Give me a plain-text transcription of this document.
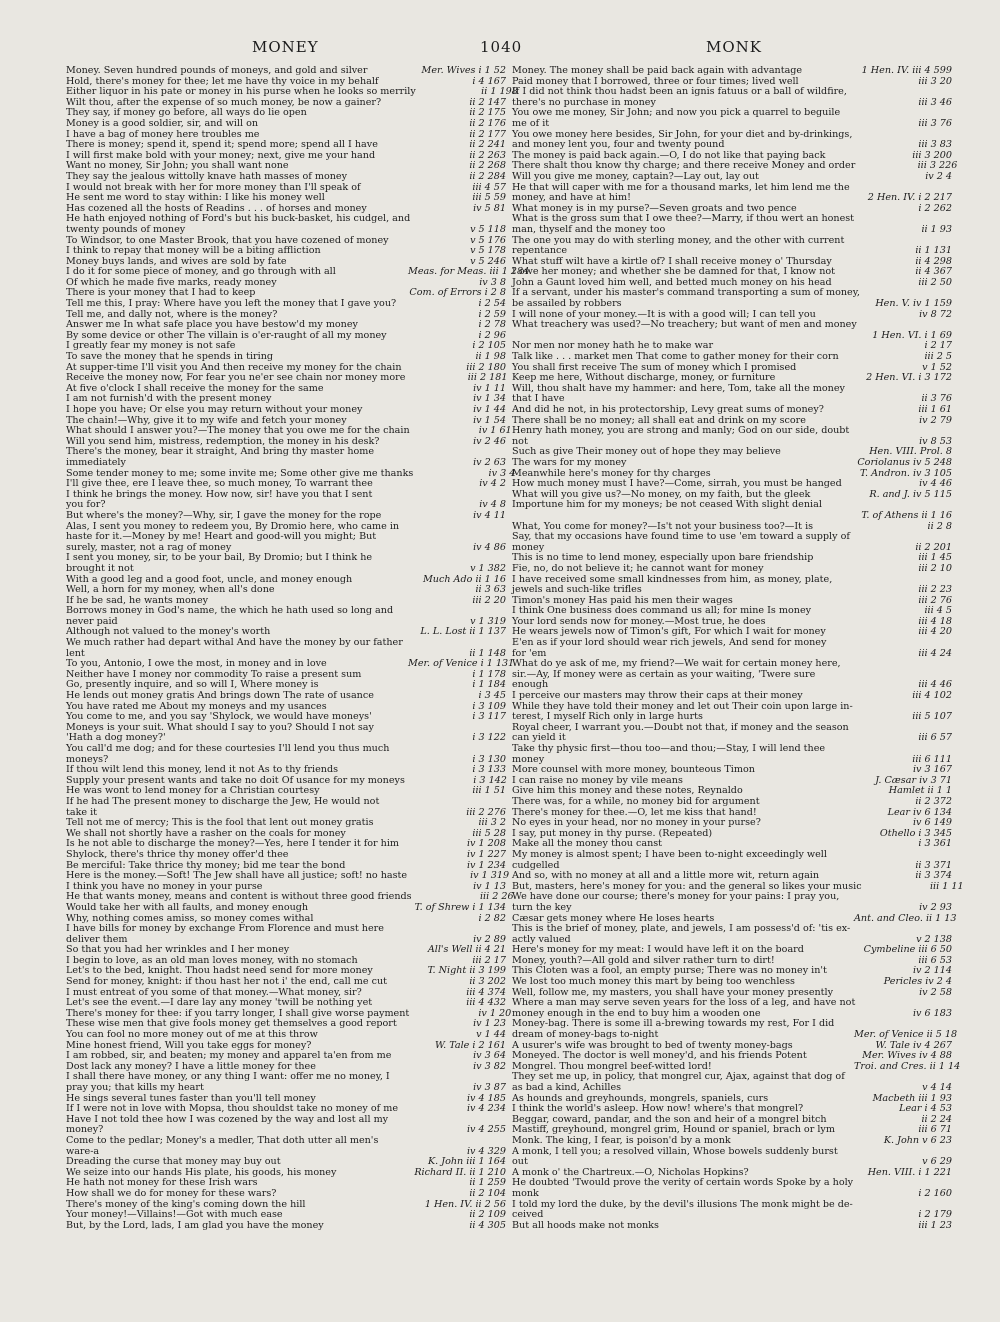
MONEY	1040	MONK
Money. Seven hundred pounds of moneys, and gold and silver	Mer. Wives i 1 52
Hold, there's money for thee; let me have thy voice in my behalf	i 4 167
Either liquor in his pate or money in his purse when he looks so merrily	ii 1 198
Wilt thou, after the expense of so much money, be now a gainer?	ii 2 147
They say, if money go before, all ways do lie open	ii 2 175
Money is a good soldier, sir, and will on	ii 2 176
I have a bag of money here troubles me	ii 2 177
There is money; spend it, spend it; spend more; spend all I have	ii 2 241
I will first make bold with your money; next, give me your hand	ii 2 263
Want no money, Sir John; you shall want none	ii 2 268
They say the jealous wittolly knave hath masses of money	ii 2 284
I would not break with her for more money than I'll speak of	iii 4 57
He sent me word to stay within: I like his money well	iii 5 59
Has cozened all the hosts of Readins . . . of horses and money	iv 5 81
He hath enjoyed nothing of Ford's but his buck-basket, his cudgel, and
twenty pounds of money	v 5 118
To Windsor, to one Master Brook, that you have cozened of money	v 5 176
I think to repay that money will be a biting affliction	v 5 178
Money buys lands, and wives are sold by fate	v 5 246
I do it for some piece of money, and go through with all	Meas. for Meas. iii 1 284
Of which he made five marks, ready money	iv 3 8
There is your money that I had to keep	Com. of Errors i 2 8
Tell me this, I pray: Where have you left the money that I gave you?	i 2 54
Tell me, and dally not, where is the money?	i 2 59
Answer me In what safe place you have bestow'd my money	i 2 78
By some device or other The villain is o'er-raught of all my money	i 2 96
I greatly fear my money is not safe	i 2 105
To save the money that he spends in tiring	ii 1 98
At supper-time I'll visit you And then receive my money for the chain	iii 2 180
Receive the money now, For fear you ne'er see chain nor money more	iii 2 181
At five o'clock I shall receive the money for the same	iv 1 11
I am not furnish'd with the present money	iv 1 34
I hope you have; Or else you may return without your money	iv 1 44
The chain!—Why, give it to my wife and fetch your money	iv 1 54
What should I answer you?—The money that you owe me for the chain	iv 1 61
Will you send him, mistress, redemption, the money in his desk?	iv 2 46
There's the money, bear it straight, And bring thy master home
immediately	iv 2 63
Some tender money to me; some invite me; Some other give me thanks	iv 3 4
I'll give thee, ere I leave thee, so much money, To warrant thee	iv 4 2
I think he brings the money. How now, sir! have you that I sent
you for?	iv 4 8
But where's the money?—Why, sir, I gave the money for the rope	iv 4 11
Alas, I sent you money to redeem you, By Dromio here, who came in
haste for it.—Money by me! Heart and good-will you might; But
surely, master, not a rag of money	iv 4 86
I sent you money, sir, to be your bail, By Dromio; but I think he
brought it not	v 1 382
With a good leg and a good foot, uncle, and money enough	Much Ado ii 1 16
Well, a horn for my money, when all's done	ii 3 63
If he be sad, he wants money	iii 2 20
Borrows money in God's name, the which he hath used so long and
never paid	v 1 319
Although not valued to the money's worth	L. L. Lost ii 1 137
We much rather had depart withal And have the money by our father
lent	ii 1 148
To you, Antonio, I owe the most, in money and in love	Mer. of Venice i 1 131
Neither have I money nor commodity To raise a present sum	i 1 178
Go, presently inquire, and so will I, Where money is	i 1 184
He lends out money gratis And brings down The rate of usance	i 3 45
You have rated me About my moneys and my usances	i 3 109
You come to me, and you say 'Shylock, we would have moneys'	i 3 117
Moneys is your suit. What should I say to you? Should I not say
'Hath a dog money?'	i 3 122
You call'd me dog; and for these courtesies I'll lend you thus much
moneys?	i 3 130
If thou wilt lend this money, lend it not As to thy friends	i 3 133
Supply your present wants and take no doit Of usance for my moneys	i 3 142
He was wont to lend money for a Christian courtesy	iii 1 51
If he had The present money to discharge the Jew, He would not
take it	iii 2 276
Tell not me of mercy; This is the fool that lent out money gratis	iii 3 2
We shall not shortly have a rasher on the coals for money	iii 5 28
Is he not able to discharge the money?—Yes, here I tender it for him	iv 1 208
Shylock, there's thrice thy money offer'd thee	iv 1 227
Be merciful: Take thrice thy money; bid me tear the bond	iv 1 234
Here is the money.—Soft! The Jew shall have all justice; soft! no haste	iv 1 319
I think you have no money in your purse	iv 1 13
He that wants money, means and content is without three good friends	iii 2 26
Would take her with all faults, and money enough	T. of Shrew i 1 134
Why, nothing comes amiss, so money comes withal	i 2 82
I have bills for money by exchange From Florence and must here
deliver them	iv 2 89
So that you had her wrinkles and I her money	All's Well ii 4 21
I begin to love, as an old man loves money, with no stomach	iii 2 17
Let's to the bed, knight. Thou hadst need send for more money	T. Night ii 3 199
Send for money, knight: if thou hast her not i' the end, call me cut	ii 3 202
I must entreat of you some of that money.—What money, sir?	iii 4 374
Let's see the event.—I dare lay any money 'twill be nothing yet	iii 4 432
There's money for thee: if you tarry longer, I shall give worse payment	iv 1 20
These wise men that give fools money get themselves a good report	iv 1 23
You can fool no more money out of me at this throw	v 1 44
Mine honest friend, Will you take eggs for money?	W. Tale i 2 161
I am robbed, sir, and beaten; my money and apparel ta'en from me	iv 3 64
Dost lack any money? I have a little money for thee	iv 3 82
I shall there have money, or any thing I want: offer me no money, I
pray you; that kills my heart	iv 3 87
He sings several tunes faster than you'll tell money	iv 4 185
If I were not in love with Mopsa, thou shouldst take no money of me	iv 4 234
Have I not told thee how I was cozened by the way and lost all my
money?	iv 4 255
Come to the pedlar; Money's a medler, That doth utter all men's
ware-a	iv 4 329
Dreading the curse that money may buy out	K. John iii 1 164
We seize into our hands His plate, his goods, his money	Richard II. ii 1 210
He hath not money for these Irish wars	ii 1 259
How shall we do for money for these wars?	ii 2 104
There's money of the king's coming down the hill	1 Hen. IV. ii 2 56
Your money!—Villains!—Got with much ease	ii 2 109
But, by the Lord, lads, I am glad you have the money	ii 4 305
Money. The money shall be paid back again with advantage	1 Hen. IV. iii 4 599
Paid money that I borrowed, three or four times; lived well	iii 3 20
If I did not think thou hadst been an ignis fatuus or a ball of wildfire,
there's no purchase in money	iii 3 46
You owe me money, Sir John; and now you pick a quarrel to beguile
me of it	iii 3 76
You owe money here besides, Sir John, for your diet and by-drinkings,
and money lent you, four and twenty pound	iii 3 83
The money is paid back again.—O, I do not like that paying back	iii 3 200
There shalt thou know thy charge; and there receive Money and order	iii 3 226
Will you give me money, captain?—Lay out, lay out	iv 2 4
He that will caper with me for a thousand marks, let him lend me the
money, and have at him!	2 Hen. IV. i 2 217
What money is in my purse?—Seven groats and two pence	i 2 262
What is the gross sum that I owe thee?—Marry, if thou wert an honest
man, thyself and the money too	ii 1 93
The one you may do with sterling money, and the other with current
repentance	ii 1 131
What stuff wilt have a kirtle of? I shall receive money o' Thursday	ii 4 298
I owe her money; and whether she be damned for that, I know not	ii 4 367
John a Gaunt loved him well, and betted much money on his head	iii 2 50
If a servant, under his master's command transporting a sum of money,
be assailed by robbers	Hen. V. iv 1 159
I will none of your money.—It is with a good will; I can tell you	iv 8 72
What treachery was used?—No treachery; but want of men and money
1 Hen. VI. i 1 69
Nor men nor money hath he to make war	i 2 17
Talk like . . . market men That come to gather money for their corn	iii 2 5
You shall first receive The sum of money which I promised	v 1 52
Keep me here, Without discharge, money, or furniture	2 Hen. VI. i 3 172
Will, thou shalt have my hammer: and here, Tom, take all the money
that I have	ii 3 76
And did he not, in his protectorship, Levy great sums of money?	iii 1 61
There shall be no money; all shall eat and drink on my score	iv 2 79
Henry hath money, you are strong and manly; God on our side, doubt
not	iv 8 53
Such as give Their money out of hope they may believe	Hen. VIII. Prol. 8
The wars for my money	Coriolanus iv 5 248
Meanwhile here's money for thy charges	T. Andron. iv 3 105
How much money must I have?—Come, sirrah, you must be hanged	iv 4 46
What will you give us?—No money, on my faith, but the gleek	R. and J. iv 5 115
Importune him for my moneys; be not ceased With slight denial
T. of Athens ii 1 16
What, You come for money?—Is't not your business too?—It is	ii 2 8
Say, that my occasions have found time to use 'em toward a supply of
money	ii 2 201
This is no time to lend money, especially upon bare friendship	iii 1 45
Fie, no, do not believe it; he cannot want for money	iii 2 10
I have received some small kindnesses from him, as money, plate,
jewels and such-like trifles	iii 2 23
Timon's money Has paid his men their wages	iii 2 76
I think One business does command us all; for mine Is money	iii 4 5
Your lord sends now for money.—Most true, he does	iii 4 18
He wears jewels now of Timon's gift, For which I wait for money	iii 4 20
E'en as if your lord should wear rich jewels, And send for money
for 'em	iii 4 24
What do ye ask of me, my friend?—We wait for certain money here,
sir.—Ay, If money were as certain as your waiting, 'Twere sure
enough	iii 4 46
I perceive our masters may throw their caps at their money	iii 4 102
While they have told their money and let out Their coin upon large in-
terest, I myself Rich only in large hurts	iii 5 107
Royal cheer, I warrant you.—Doubt not that, if money and the season
can yield it	iii 6 57
Take thy physic first—thou too—and thou;—Stay, I will lend thee
money	iii 6 111
More counsel with more money, bounteous Timon	iv 3 167
I can raise no money by vile means	J. Cæsar iv 3 71
Give him this money and these notes, Reynaldo	Hamlet ii 1 1
There was, for a while, no money bid for argument	ii 2 372
There's money for thee.—O, let me kiss that hand!	Lear iv 6 134
No eyes in your head, nor no money in your purse?	iv 6 149
I say, put money in thy purse. (Repeated)	Othello i 3 345
Make all the money thou canst	i 3 361
My money is almost spent; I have been to-night exceedingly well
cudgelled	ii 3 371
And so, with no money at all and a little more wit, return again	ii 3 374
But, masters, here's money for you: and the general so likes your music	iii 1 11
We have done our course; there's money for your pains: I pray you,
turn the key	iv 2 93
Cæsar gets money where He loses hearts	Ant. and Cleo. ii 1 13
This is the brief of money, plate, and jewels, I am possess'd of: 'tis ex-
actly valued	v 2 138
Here's money for my meat: I would have left it on the board	Cymbeline iii 6 50
Money, youth?—All gold and silver rather turn to dirt!	iii 6 53
This Cloten was a fool, an empty purse; There was no money in't	iv 2 114
We lost too much money this mart by being too wenchless	Pericles iv 2 4
Well, follow me, my masters, you shall have your money presently	iv 2 58
Where a man may serve seven years for the loss of a leg, and have not
money enough in the end to buy him a wooden one	iv 6 183
Money-bag. There is some ill a-brewing towards my rest, For I did
dream of money-bags to-night	Mer. of Venice ii 5 18
A usurer's wife was brought to bed of twenty money-bags	W. Tale iv 4 267
Moneyed. The doctor is well money'd, and his friends Potent	Mer. Wives iv 4 88
Mongrel. Thou mongrel beef-witted lord!	Troi. and Cres. ii 1 14
They set me up, in policy, that mongrel cur, Ajax, against that dog of
as bad a kind, Achilles	v 4 14
As hounds and greyhounds, mongrels, spaniels, curs	Macbeth iii 1 93
I think the world's asleep. How now! where's that mongrel?	Lear i 4 53
Beggar, coward, pandar, and the son and heir of a mongrel bitch	ii 2 24
Mastiff, greyhound, mongrel grim, Hound or spaniel, brach or lym	iii 6 71
Monk. The king, I fear, is poison'd by a monk	K. John v 6 23
A monk, I tell you; a resolved villain, Whose bowels suddenly burst
out	v 6 29
A monk o' the Chartreux.—O, Nicholas Hopkins?	Hen. VIII. i 1 221
He doubted 'Twould prove the verity of certain words Spoke by a holy
monk	i 2 160
I told my lord the duke, by the devil's illusions The monk might be de-
ceived	i 2 179
But all hoods make not monks	iii 1 23
